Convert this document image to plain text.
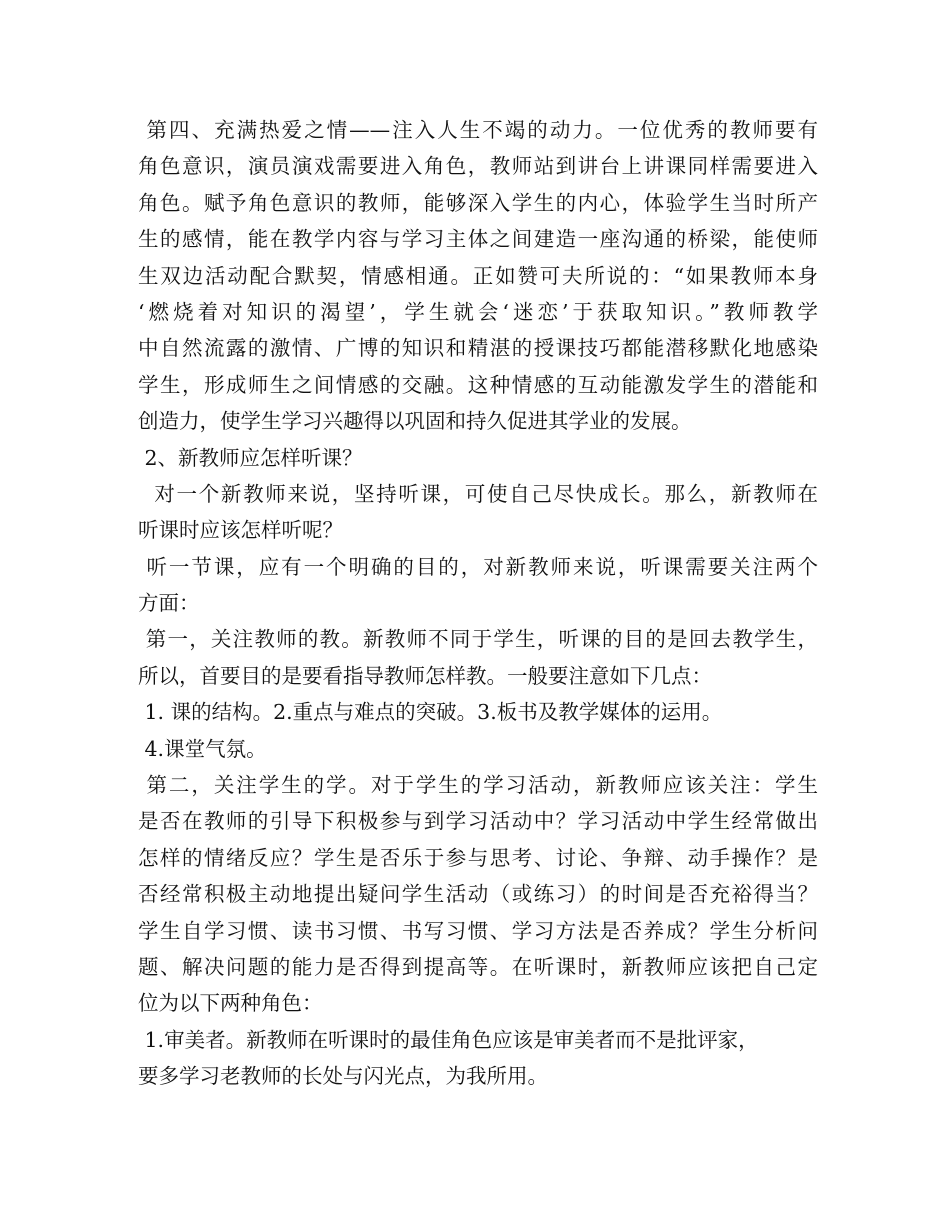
第四、充满热爱之情——注入人生不竭的动力。一位优秀的教师要有
角色意识，演员演戏需要进入角色，教师站到讲台上讲课同样需要进入
角色。赋予角色意识的教师，能够深入学生的内心，体验学生当时所产
生的感情，能在教学内容与学习主体之间建造一座沟通的桥梁，能使师
生双边活动配合默契，情感相通。正如赞可夫所说的：“如果教师本身
‘燃烧着对知识的渴望’，学生就会‘迷恋’于获取知识。”教师教学
中自然流露的激情、广博的知识和精湛的授课技巧都能潜移默化地感染
学生，形成师生之间情感的交融。这种情感的互动能激发学生的潜能和
创造力，使学生学习兴趣得以巩固和持久促进其学业的发展。
2、新教师应怎样听课？
对一个新教师来说，坚持听课，可使自己尽快成长。那么，新教师在
听课时应该怎样听呢？
听一节课，应有一个明确的目的，对新教师来说，听课需要关注两个
方面：
第一，关注教师的教。新教师不同于学生，听课的目的是回去教学生，
所以，首要目的是要看指导教师怎样教。一般要注意如下几点：
1. 课的结构。2.重点与难点的突破。3.板书及教学媒体的运用。
4.课堂气氛。
第二，关注学生的学。对于学生的学习活动，新教师应该关注：学生
是否在教师的引导下积极参与到学习活动中？学习活动中学生经常做出
怎样的情绪反应？学生是否乐于参与思考、讨论、争辩、动手操作？是
否经常积极主动地提出疑问学生活动（或练习）的时间是否充裕得当？
学生自学习惯、读书习惯、书写习惯、学习方法是否养成？学生分析问
题、解决问题的能力是否得到提高等。在听课时，新教师应该把自己定
位为以下两种角色：
1.审美者。新教师在听课时的最佳角色应该是审美者而不是批评家，
要多学习老教师的长处与闪光点，为我所用。
